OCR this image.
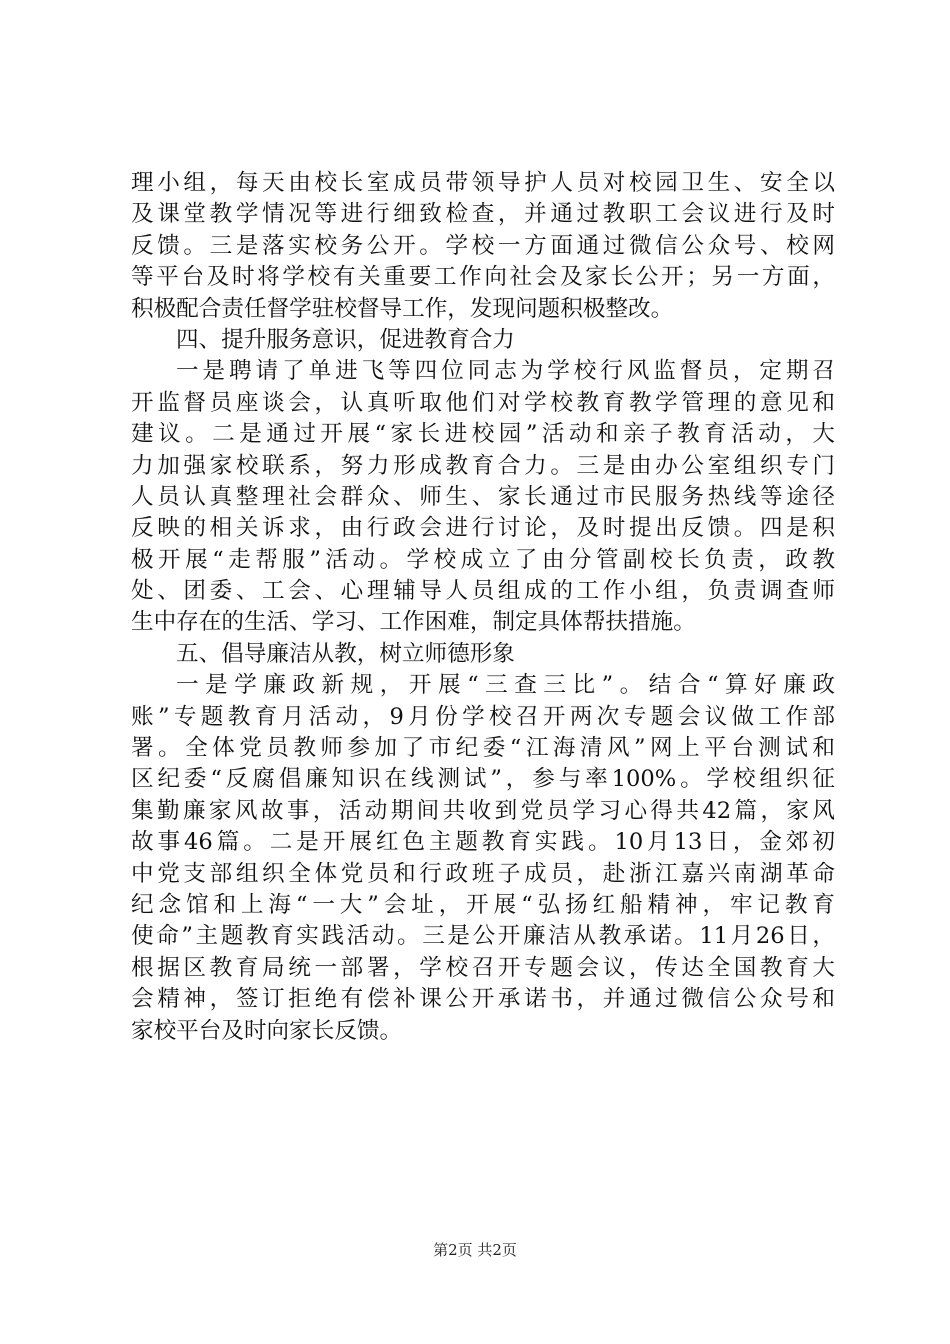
理小组，每天由校长室成员带领导护人员对校园卫生、安全以
及课堂教学情况等进行细致检查，并通过教职工会议进行及时
反馈。三是落实校务公开。学校一方面通过微信公众号、校网
等平台及时将学校有关重要工作向社会及家长公开；另一方面，
积极配合责任督学驻校督导工作，发现问题积极整改。
四、提升服务意识，促进教育合力
一是聘请了单进飞等四位同志为学校行风监督员，定期召
开监督员座谈会，认真听取他们对学校教育教学管理的意见和
建议。二是通过开展“家长进校园”活动和亲子教育活动，大
力加强家校联系，努力形成教育合力。三是由办公室组织专门
人员认真整理社会群众、师生、家长通过市民服务热线等途径
反映的相关诉求，由行政会进行讨论，及时提出反馈。四是积
极开展“走帮服”活动。学校成立了由分管副校长负责，政教
处、团委、工会、心理辅导人员组成的工作小组，负责调查师
生中存在的生活、学习、工作困难，制定具体帮扶措施。
五、倡导廉洁从教，树立师德形象
一是学廉政新规，开展“三查三比”。结合“算好廉政
账”专题教育月活动，9月份学校召开两次专题会议做工作部
署。全体党员教师参加了市纪委“江海清风”网上平台测试和
区纪委“反腐倡廉知识在线测试”，参与率100%。学校组织征
集勤廉家风故事，活动期间共收到党员学习心得共42篇，家风
故事46篇。二是开展红色主题教育实践。10月13日，金郊初
中党支部组织全体党员和行政班子成员，赴浙江嘉兴南湖革命
纪念馆和上海“一大”会址，开展“弘扬红船精神，牢记教育
使命”主题教育实践活动。三是公开廉洁从教承诺。11月26日，
根据区教育局统一部署，学校召开专题会议，传达全国教育大
会精神，签订拒绝有偿补课公开承诺书，并通过微信公众号和
家校平台及时向家长反馈。
第2页 共2页
